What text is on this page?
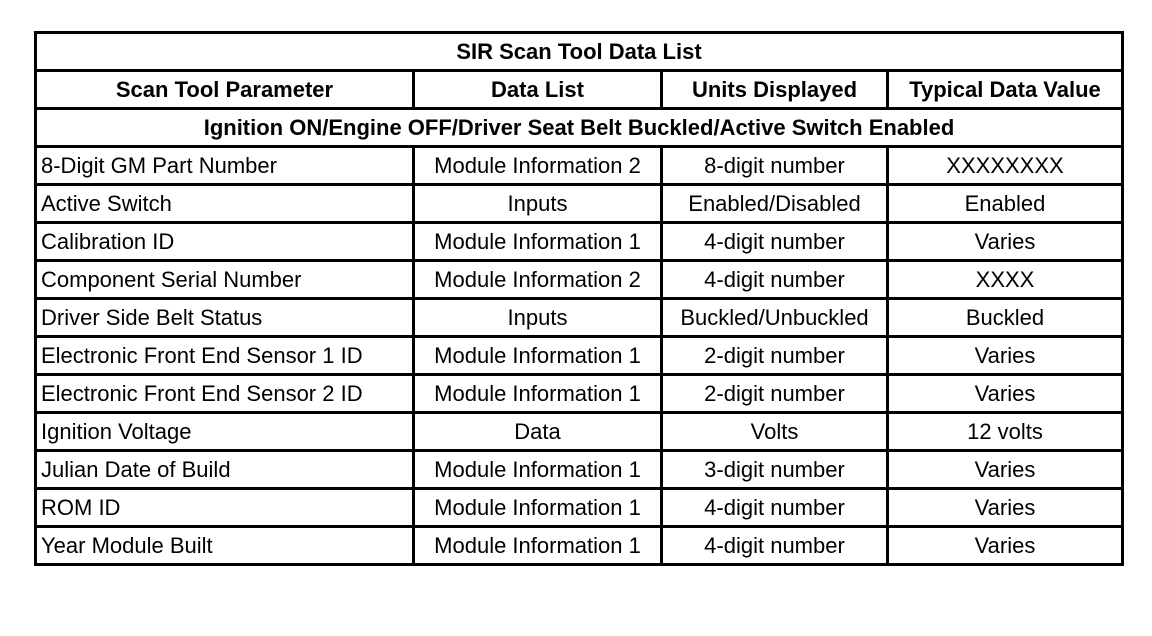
SIR Scan Tool Data List			
Scan Tool Parameter	Data List	Units Displayed	Typical Data Value
Ignition ON/Engine OFF/Driver Seat Belt Buckled/Active Switch Enabled			
8-Digit GM Part Number	Module Information 2	8-digit number	XXXXXXXX
Active Switch	Inputs	Enabled/Disabled	Enabled
Calibration ID	Module Information 1	4-digit number	Varies
Component Serial Number	Module Information 2	4-digit number	XXXX
Driver Side Belt Status	Inputs	Buckled/Unbuckled	Buckled
Electronic Front End Sensor 1 ID	Module Information 1	2-digit number	Varies
Electronic Front End Sensor 2 ID	Module Information 1	2-digit number	Varies
Ignition Voltage	Data	Volts	12 volts
Julian Date of Build	Module Information 1	3-digit number	Varies
ROM ID	Module Information 1	4-digit number	Varies
Year Module Built	Module Information 1	4-digit number	Varies
